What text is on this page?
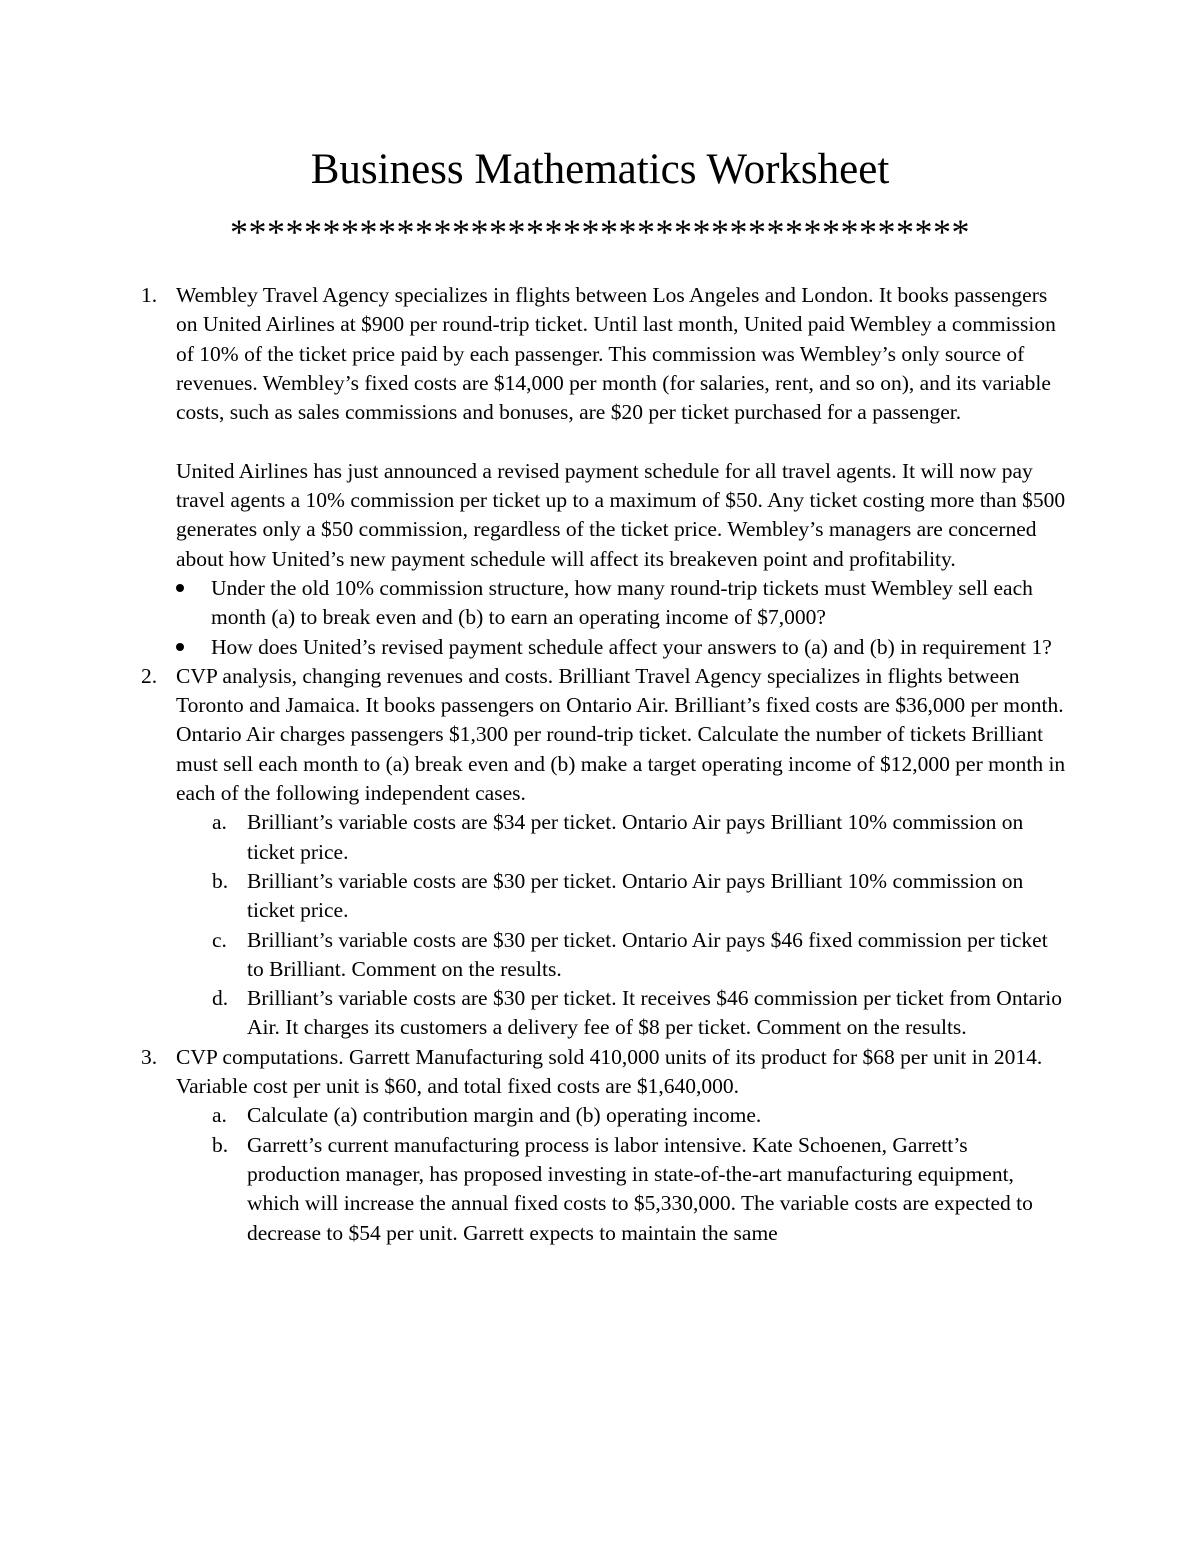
Business Mathematics Worksheet
****************************************
1. Wembley Travel Agency specializes in flights between Los Angeles and London. It books passengers on United Airlines at $900 per round-trip ticket. Until last month, United paid Wembley a commission of 10% of the ticket price paid by each passenger. This commission was Wembley’s only source of revenues. Wembley’s fixed costs are $14,000 per month (for salaries, rent, and so on), and its variable costs, such as sales commissions and bonuses, are $20 per ticket purchased for a passenger.

United Airlines has just announced a revised payment schedule for all travel agents. It will now pay travel agents a 10% commission per ticket up to a maximum of $50. Any ticket costing more than $500 generates only a $50 commission, regardless of the ticket price. Wembley’s managers are concerned about how United’s new payment schedule will affect its breakeven point and profitability.

Under the old 10% commission structure, how many round-trip tickets must Wembley sell each month (a) to break even and (b) to earn an operating income of $7,000?
How does United’s revised payment schedule affect your answers to (a) and (b) in requirement 1?
2. CVP analysis, changing revenues and costs. Brilliant Travel Agency specializes in flights between Toronto and Jamaica. It books passengers on Ontario Air. Brilliant’s fixed costs are $36,000 per month. Ontario Air charges passengers $1,300 per round-trip ticket. Calculate the number of tickets Brilliant must sell each month to (a) break even and (b) make a target operating income of $12,000 per month in each of the following independent cases.

a. Brilliant’s variable costs are $34 per ticket. Ontario Air pays Brilliant 10% commission on ticket price.
b. Brilliant’s variable costs are $30 per ticket. Ontario Air pays Brilliant 10% commission on ticket price.
c. Brilliant’s variable costs are $30 per ticket. Ontario Air pays $46 fixed commission per ticket to Brilliant. Comment on the results.
d. Brilliant’s variable costs are $30 per ticket. It receives $46 commission per ticket from Ontario Air. It charges its customers a delivery fee of $8 per ticket. Comment on the results.
3. CVP computations. Garrett Manufacturing sold 410,000 units of its product for $68 per unit in 2014. Variable cost per unit is $60, and total fixed costs are $1,640,000.

a. Calculate (a) contribution margin and (b) operating income.
b. Garrett’s current manufacturing process is labor intensive. Kate Schoenen, Garrett’s production manager, has proposed investing in state-of-the-art manufacturing equipment, which will increase the annual fixed costs to $5,330,000. The variable costs are expected to decrease to $54 per unit. Garrett expects to maintain the same
